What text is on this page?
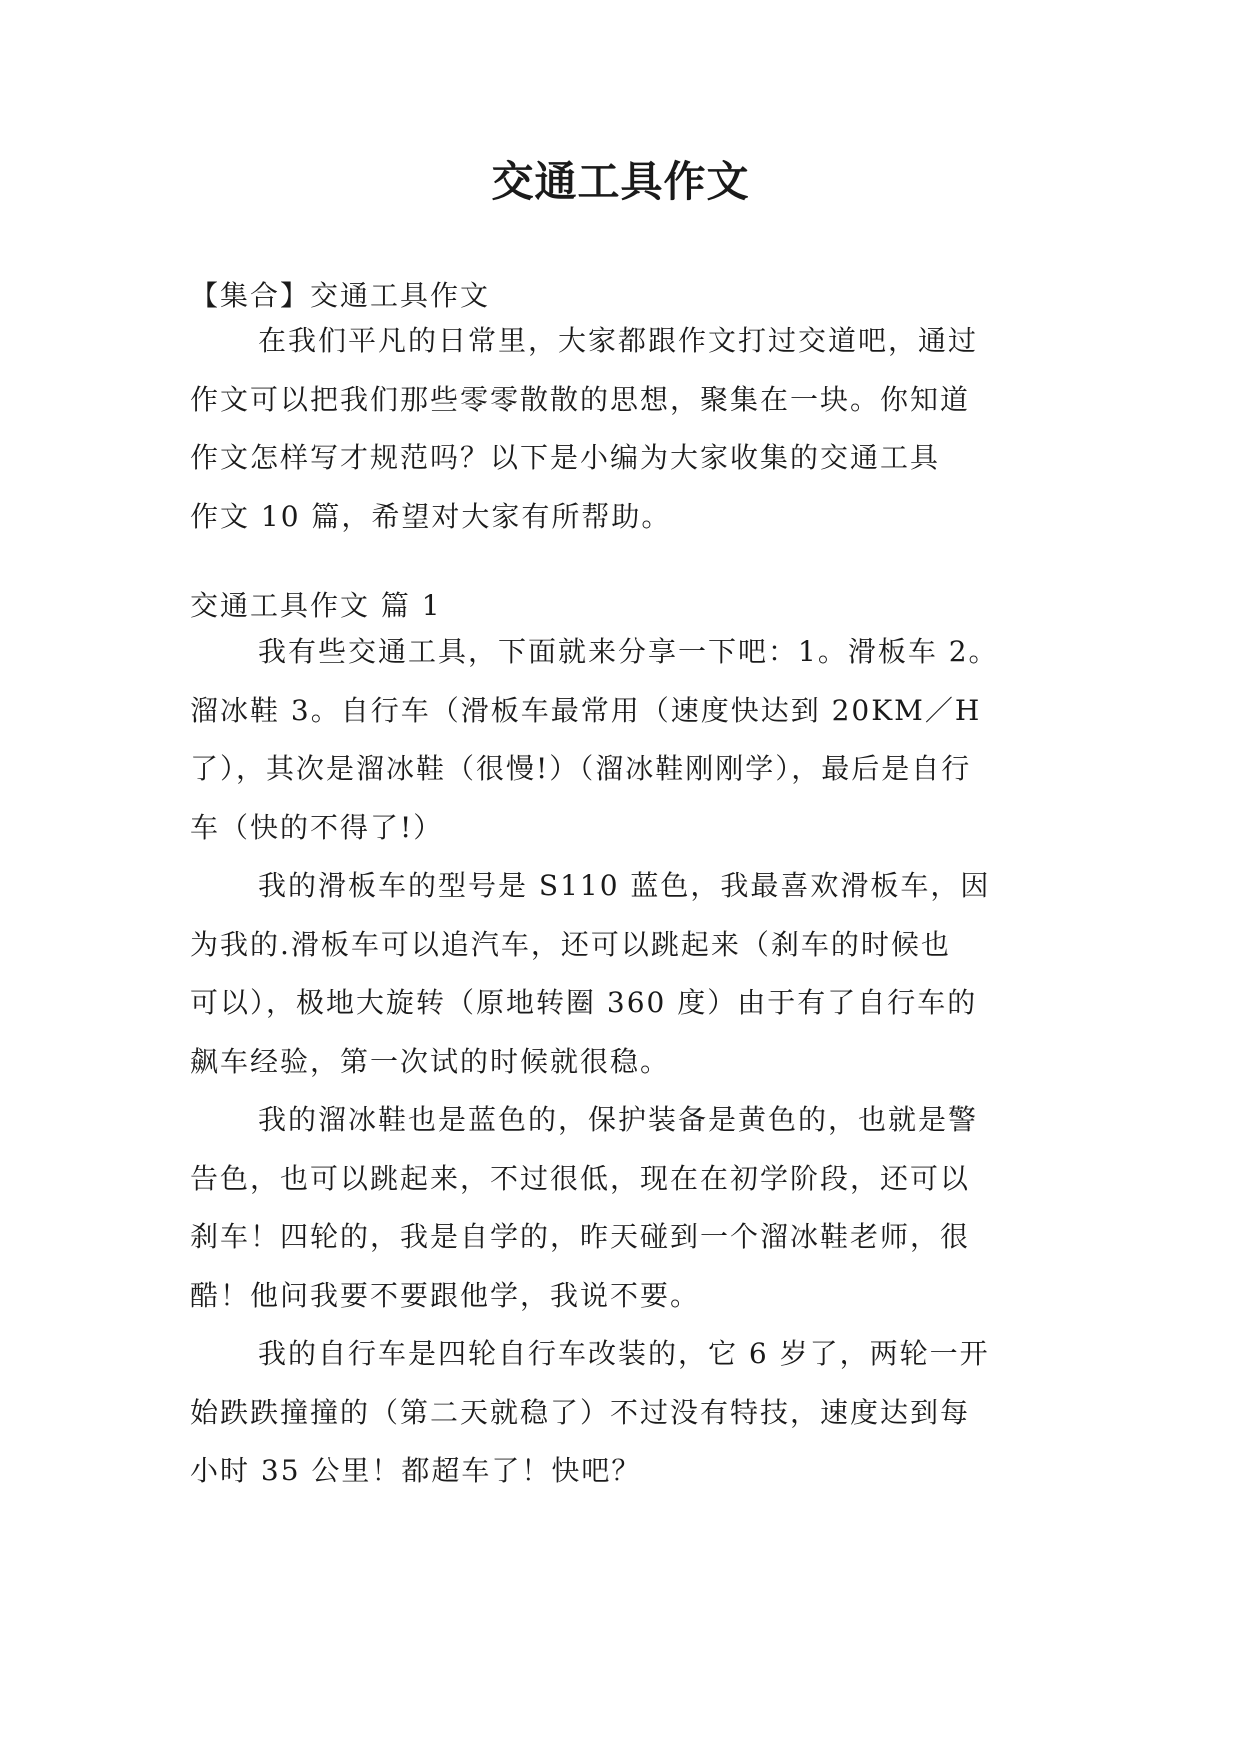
交通工具作文
【集合】交通工具作文
在我们平凡的日常里，大家都跟作文打过交道吧，通过
作文可以把我们那些零零散散的思想，聚集在一块。你知道
作文怎样写才规范吗？以下是小编为大家收集的交通工具
作文 10 篇，希望对大家有所帮助。
交通工具作文 篇 1
我有些交通工具，下面就来分享一下吧：1。滑板车 2。
溜冰鞋 3。自行车（滑板车最常用（速度快达到 20KM／H
了），其次是溜冰鞋（很慢!）（溜冰鞋刚刚学），最后是自行
车（快的不得了!）
我的滑板车的型号是 S110 蓝色，我最喜欢滑板车，因
为我的.滑板车可以追汽车，还可以跳起来（刹车的时候也
可以），极地大旋转（原地转圈 360 度）由于有了自行车的
飙车经验，第一次试的时候就很稳。
我的溜冰鞋也是蓝色的，保护装备是黄色的，也就是警
告色，也可以跳起来，不过很低，现在在初学阶段，还可以
刹车！四轮的，我是自学的，昨天碰到一个溜冰鞋老师，很
酷！他问我要不要跟他学，我说不要。
我的自行车是四轮自行车改装的，它 6 岁了，两轮一开
始跌跌撞撞的（第二天就稳了）不过没有特技，速度达到每
小时 35 公里！都超车了！快吧？
